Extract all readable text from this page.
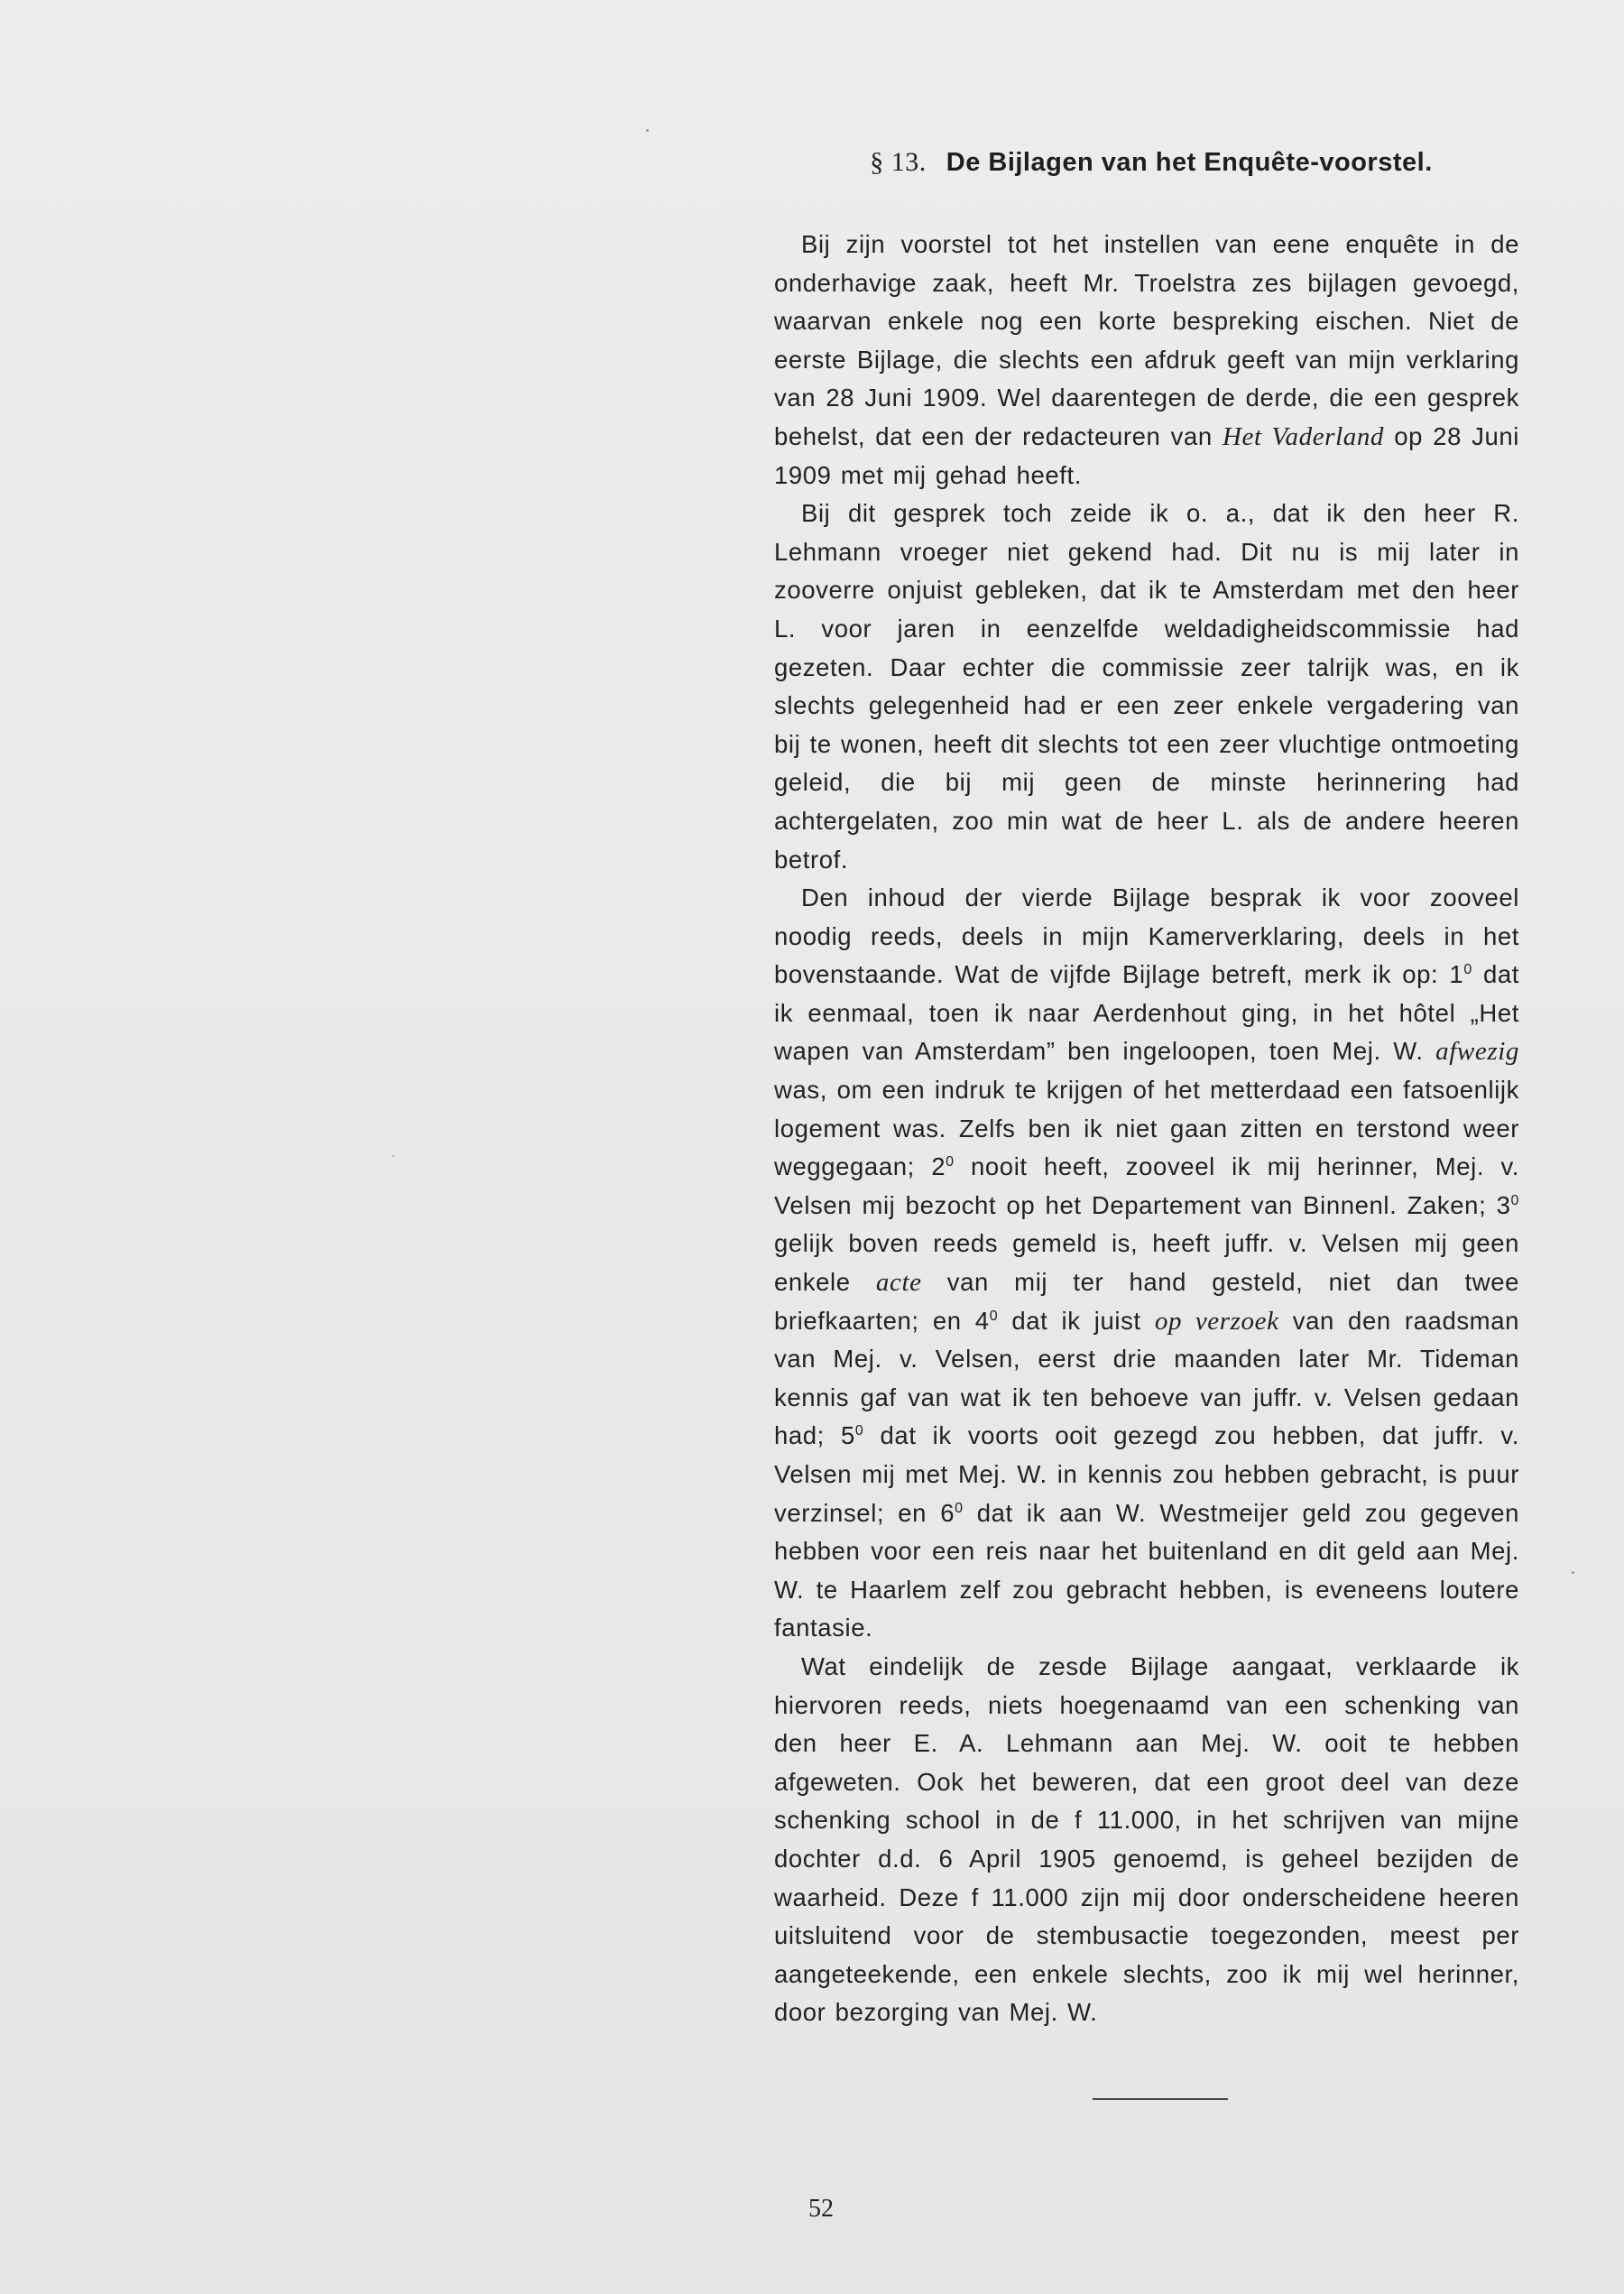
§ 13. De Bijlagen van het Enquête-voorstel.

Bij zijn voorstel tot het instellen van eene enquête in de onderhavige zaak, heeft Mr. Troelstra zes bijlagen gevoegd, waarvan enkele nog een korte bespreking eischen. Niet de eerste Bijlage, die slechts een afdruk geeft van mijn verklaring van 28 Juni 1909. Wel daarentegen de derde, die een gesprek behelst, dat een der redacteuren van Het Vaderland op 28 Juni 1909 met mij gehad heeft.

Bij dit gesprek toch zeide ik o. a., dat ik den heer R. Lehmann vroeger niet gekend had. Dit nu is mij later in zooverre onjuist gebleken, dat ik te Amsterdam met den heer L. voor jaren in eenzelfde weldadigheidscommissie had gezeten. Daar echter die commissie zeer talrijk was, en ik slechts gelegenheid had er een zeer enkele vergadering van bij te wonen, heeft dit slechts tot een zeer vluchtige ontmoeting geleid, die bij mij geen de minste herinnering had achtergelaten, zoo min wat de heer L. als de andere heeren betrof.

Den inhoud der vierde Bijlage besprak ik voor zooveel noodig reeds, deels in mijn Kamerverklaring, deels in het bovenstaande. Wat de vijfde Bijlage betreft, merk ik op: $1^0$ dat ik eenmaal, toen ik naar Aerdenhout ging, in het hôtel „Het wapen van Amsterdam” ben ingeloopen, toen Mej. W. afwezig was, om een indruk te krijgen of het metterdaad een fatsoenlijk logement was. Zelfs ben ik niet gaan zitten en terstond weer weggegaan; $2^0$ nooit heeft, zooveel ik mij herinner, Mej. v. Velsen mij bezocht op het Departement van Binnenl. Zaken; $3^0$ gelijk boven reeds gemeld is, heeft juffr. v. Velsen mij geen enkele acte van mij ter hand gesteld, niet dan twee briefkaarten; en $4^0$ dat ik juist op verzoek van den raadsman van Mej. v. Velsen, eerst drie maanden later Mr. Tideman kennis gaf van wat ik ten behoeve van juffr. v. Velsen gedaan had; $5^0$ dat ik voorts ooit gezegd zou hebben, dat juffr. v. Velsen mij met Mej. W. in kennis zou hebben gebracht, is puur verzinsel; en $6^0$ dat ik aan W. Westmeijer geld zou gegeven hebben voor een reis naar het buitenland en dit geld aan Mej. W. te Haarlem zelf zou gebracht hebben, is eveneens loutere fantasie.

Wat eindelijk de zesde Bijlage aangaat, verklaarde ik hiervoren reeds, niets hoegenaamd van een schenking van den heer E. A. Lehmann aan Mej. W. ooit te hebben afgeweten. Ook het beweren, dat een groot deel van deze schenking school in de f 11.000, in het schrijven van mijne dochter d.d. 6 April 1905 genoemd, is geheel bezijden de waarheid. Deze f 11.000 zijn mij door onderscheidene heeren uitsluitend voor de stembusactie toegezonden, meest per aangeteekende, een enkele slechts, zoo ik mij wel herinner, door bezorging van Mej. W.

52
